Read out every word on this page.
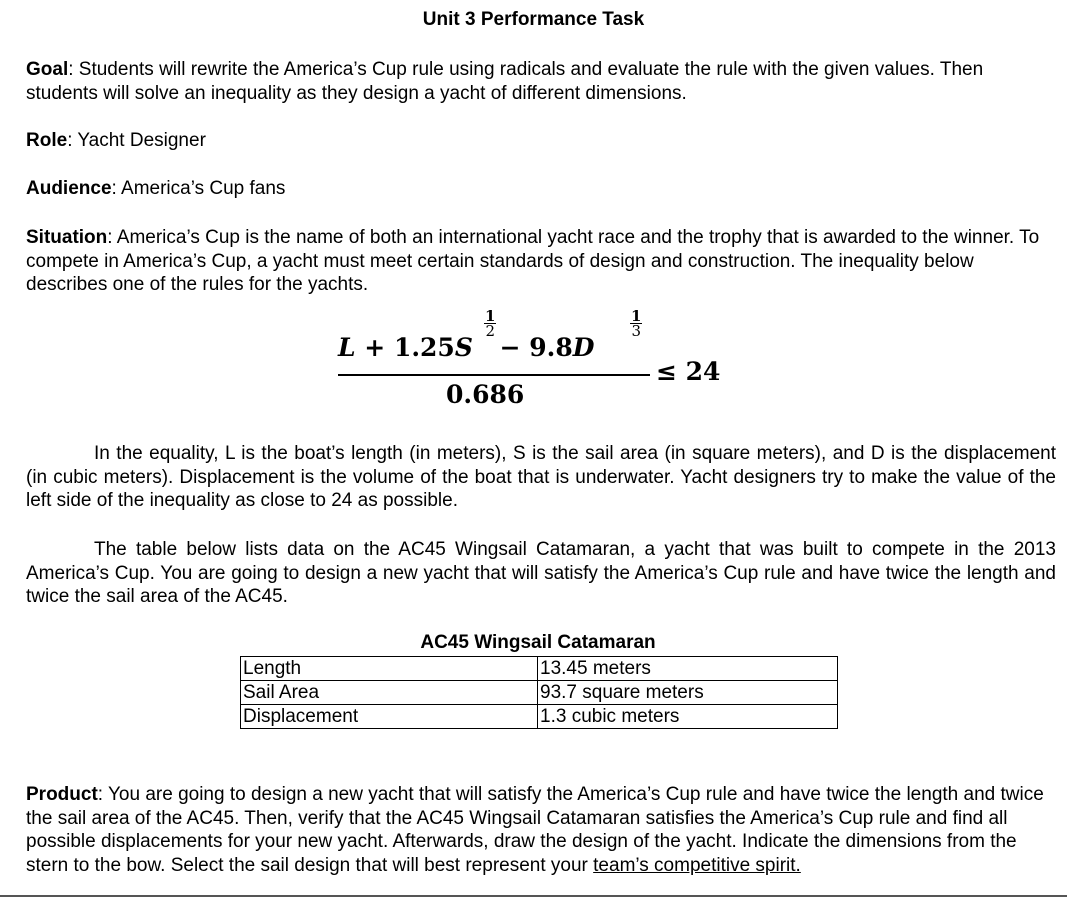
Unit 3 Performance Task

Goal: Students will rewrite the America’s Cup rule using radicals and evaluate the rule with the given values. Then students will solve an inequality as they design a yacht of different dimensions.

Role: Yacht Designer

Audience: America’s Cup fans

Situation: America’s Cup is the name of both an international yacht race and the trophy that is awarded to the winner. To compete in America’s Cup, a yacht must meet certain standards of design and construction. The inequality below describes one of the rules for the yachts.

L + 1.25S − 9.8D
$\frac{1}{2}$	$\frac{1}{3}$
0.686
≤ 24

In the equality, L is the boat’s length (in meters), S is the sail area (in square meters), and D is the displacement (in cubic meters). Displacement is the volume of the boat that is underwater. Yacht designers try to make the value of the left side of the inequality as close to 24 as possible.

The table below lists data on the AC45 Wingsail Catamaran, a yacht that was built to compete in the 2013 America’s Cup. You are going to design a new yacht that will satisfy the America’s Cup rule and have twice the length and twice the sail area of the AC45.

AC45 Wingsail Catamaran
Length	13.45 meters
Sail Area	93.7 square meters
Displacement	1.3 cubic meters

Product: You are going to design a new yacht that will satisfy the America’s Cup rule and have twice the length and twice the sail area of the AC45. Then, verify that the AC45 Wingsail Catamaran satisfies the America’s Cup rule and find all possible displacements for your new yacht. Afterwards, draw the design of the yacht. Indicate the dimensions from the stern to the bow. Select the sail design that will best represent your team’s competitive spirit.
